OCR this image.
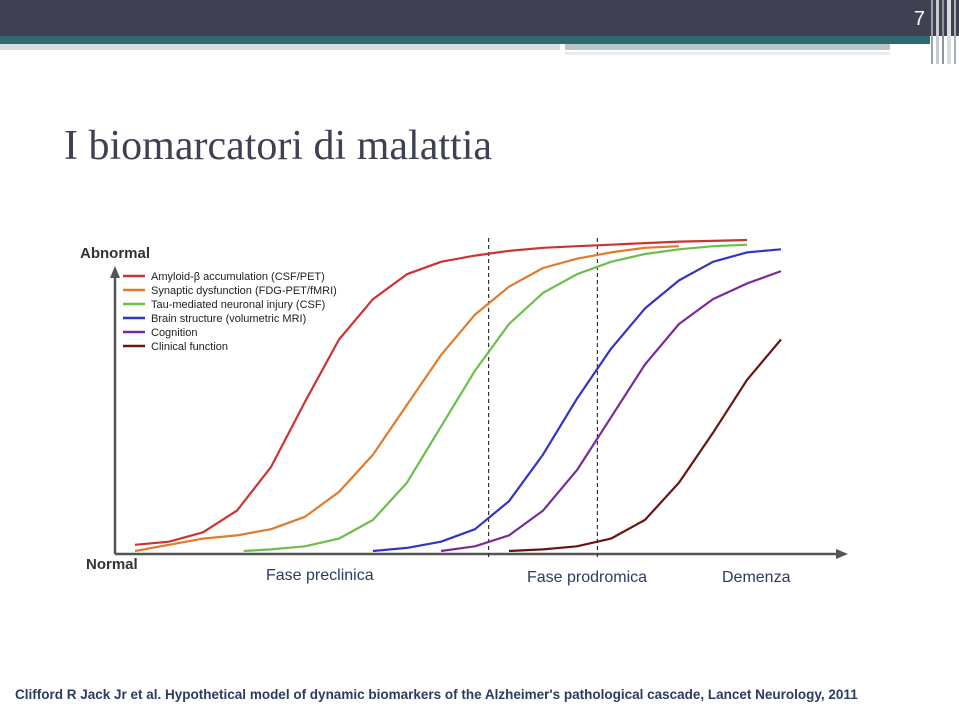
7
I biomarcatori di malattia
Abnormal
Normal
Amyloid-β accumulation (CSF/PET)
Synaptic dysfunction (FDG-PET/fMRI)
Tau-mediated neuronal injury (CSF)
Brain structure (volumetric MRI)
Cognition
Clinical function
Fase preclinica	Fase prodromica	Demenza
Clifford R Jack Jr et al. Hypothetical model of dynamic biomarkers of the Alzheimer's pathological cascade, Lancet Neurology, 2011
